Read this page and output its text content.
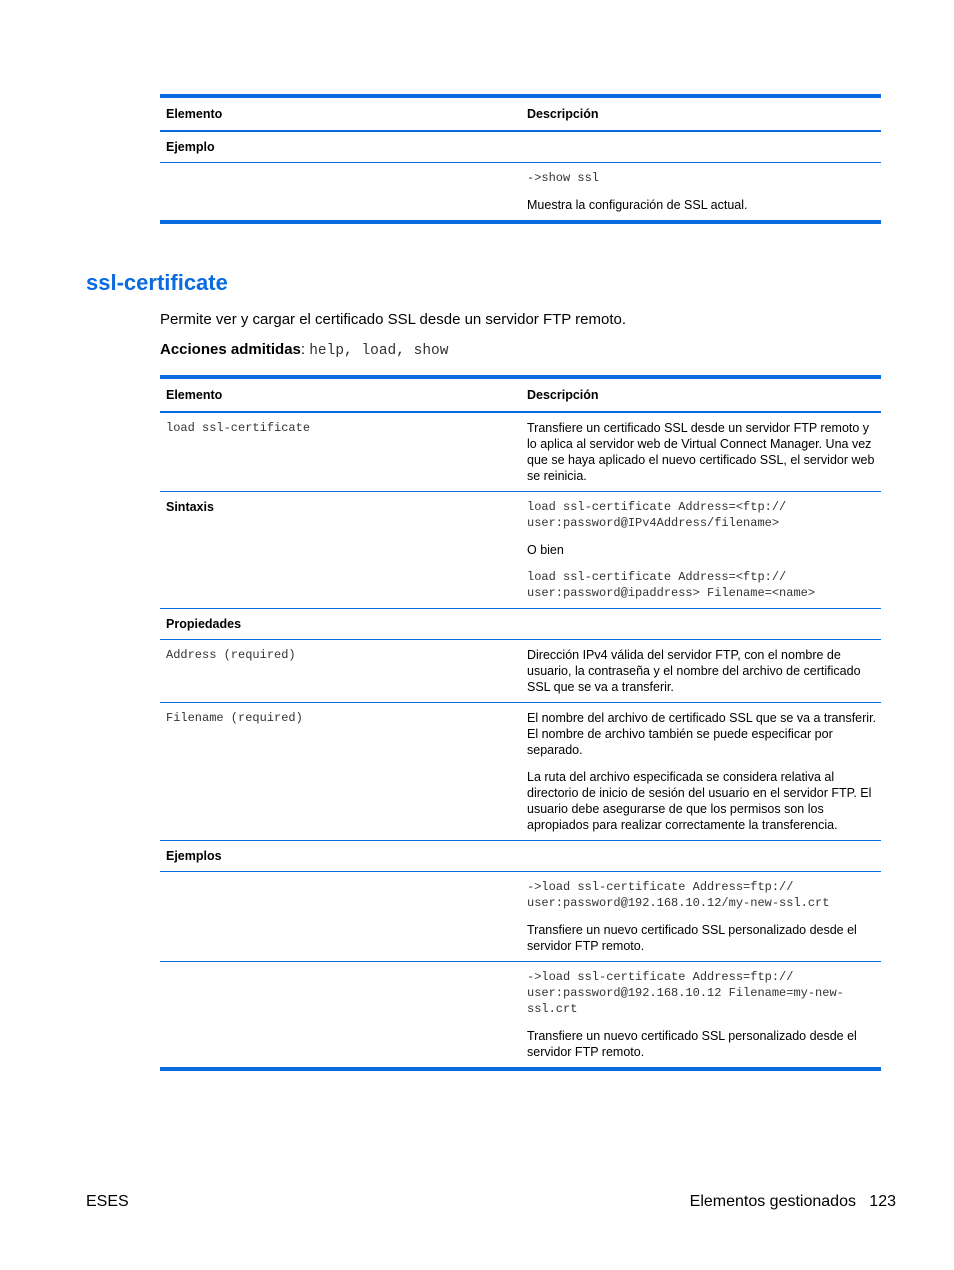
Elemento	Descripción
Ejemplo	

	->show ssl

Muestra la configuración de SSL actual.

ssl-certificate

Permite ver y cargar el certificado SSL desde un servidor FTP remoto.

Acciones admitidas: help, load, show

Elemento	Descripción

load ssl-certificate	Transfiere un certificado SSL desde un servidor FTP remoto y lo aplica al servidor web de Virtual Connect Manager. Una vez que se haya aplicado el nuevo certificado SSL, el servidor web se reinicia.

Sintaxis	load ssl-certificate Address=<ftp://
user:password@IPv4Address/filename>

O bien

load ssl-certificate Address=<ftp://
user:password@ipaddress> Filename=<name>

Propiedades	

Address (required)	Dirección IPv4 válida del servidor FTP, con el nombre de usuario, la contraseña y el nombre del archivo de certificado SSL que se va a transferir.

Filename (required)	El nombre del archivo de certificado SSL que se va a transferir. El nombre de archivo también se puede especificar por separado.

La ruta del archivo especificada se considera relativa al directorio de inicio de sesión del usuario en el servidor FTP. El usuario debe asegurarse de que los permisos son los apropiados para realizar correctamente la transferencia.

Ejemplos	

	->load ssl-certificate Address=ftp://
user:password@192.168.10.12/my-new-ssl.crt

Transfiere un nuevo certificado SSL personalizado desde el servidor FTP remoto.

	->load ssl-certificate Address=ftp://
user:password@192.168.10.12 Filename=my-new-
ssl.crt

Transfiere un nuevo certificado SSL personalizado desde el servidor FTP remoto.

ESES	Elementos gestionados   123
